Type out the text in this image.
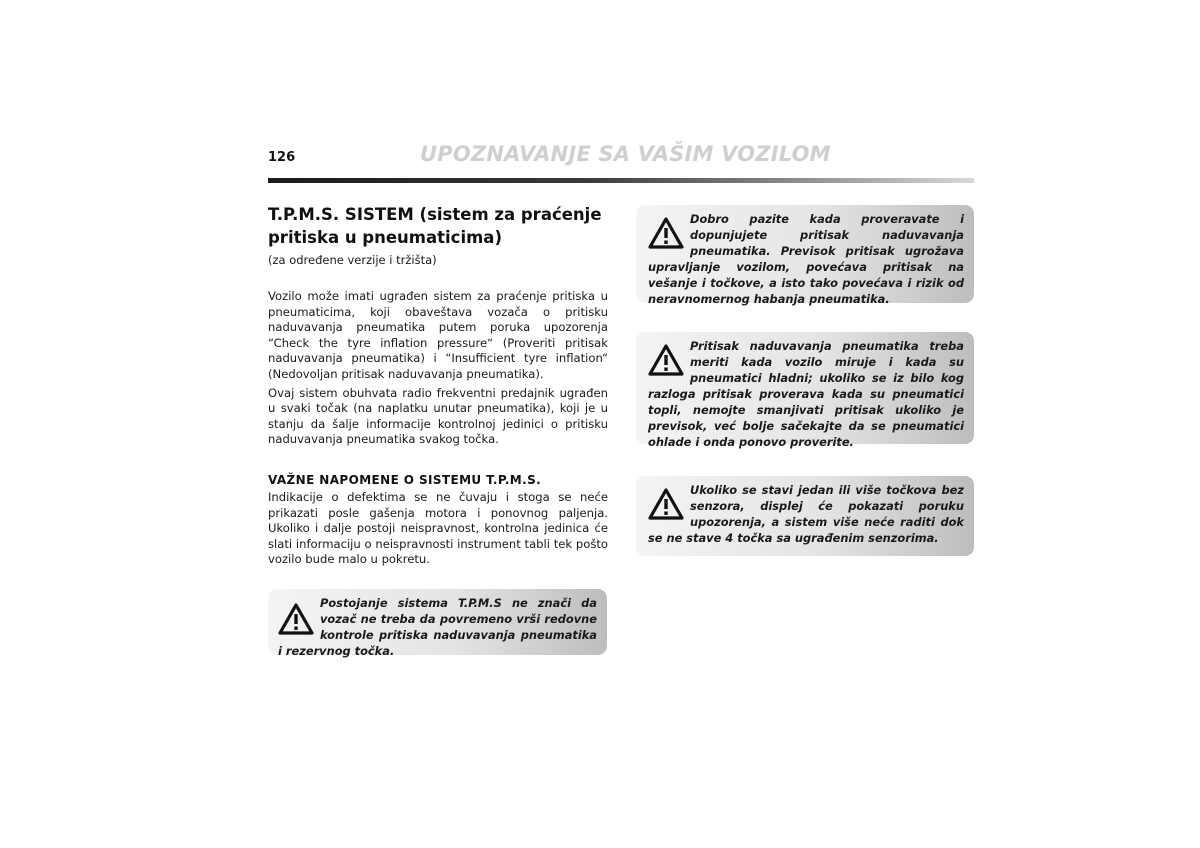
126	UPOZNAVANJE SA VAŠIM VOZILOM
T.P.M.S. SISTEM (sistem za praćenje pritiska u pneumaticima)

(za određene verzije i tržišta)

Vozilo može imati ugrađen sistem za praćenje pritiska u pneumaticima, koji obaveštava vozača o pritisku naduvavanja pneumatika putem poruka upozorenja “Check the tyre inflation pressure“ (Proveriti pritisak naduvavanja pneumatika) i “Insufficient tyre inflation“ (Nedovoljan pritisak naduvavanja pneumatika).

Ovaj sistem obuhvata radio frekventni predajnik ugrađen u svaki točak (na naplatku unutar pneumatika), koji je u stanju da šalje informacije kontrolnoj jedinici o pritisku naduvavanja pneumatika svakog točka.

VAŽNE NAPOMENE O SISTEMU T.P.M.S.

Indikacije o defektima se ne čuvaju i stoga se neće prikazati posle gašenja motora i ponovnog paljenja. Ukoliko i dalje postoji neispravnost, kontrolna jedinica će slati informaciju o neispravnosti instrument tabli tek pošto vozilo bude malo u pokretu.

Postojanje sistema T.P.M.S ne znači da vozač ne treba da povremeno vrši redovne kontrole pritiska naduvavanja pneumatika i rezervnog točka.
Dobro pazite kada proveravate i dopunjujete pritisak naduvavanja pneumatika. Previsok pritisak ugrožava upravljanje vozilom, povećava pritisak na vešanje i točkove, a isto tako povećava i rizik od neravnomernog habanja pneumatika.
Pritisak naduvavanja pneumatika treba meriti kada vozilo miruje i kada su pneumatici hladni; ukoliko se iz bilo kog razloga pritisak proverava kada su pneumatici topli, nemojte smanjivati pritisak ukoliko je previsok, već bolje sačekajte da se pneumatici ohlade i onda ponovo proverite.
Ukoliko se stavi jedan ili više točkova bez senzora, displej će pokazati poruku upozorenja, a sistem više neće raditi dok se ne stave 4 točka sa ugrađenim senzorima.
